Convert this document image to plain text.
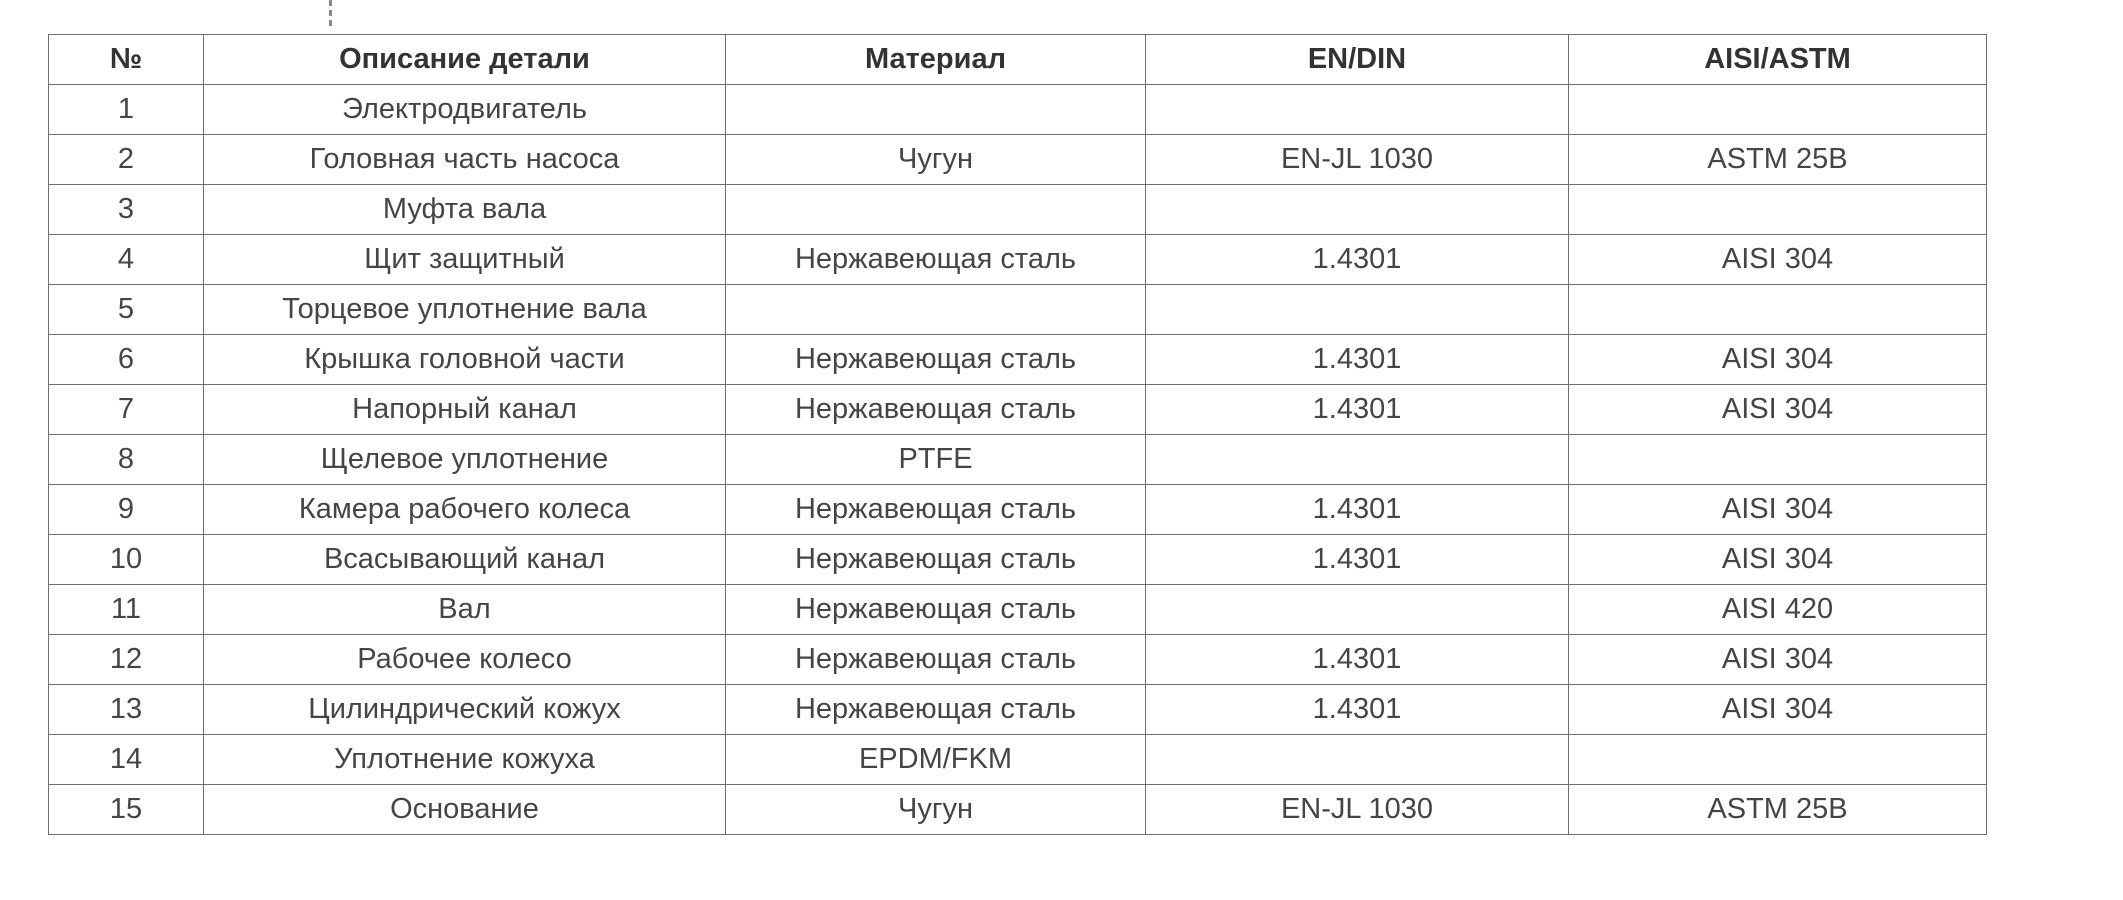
№	Описание детали	Материал	EN/DIN	AISI/ASTM
1	Электродвигатель			
2	Головная часть насоса	Чугун	EN-JL 1030	ASTM 25B
3	Муфта вала			
4	Щит защитный	Нержавеющая сталь	1.4301	AISI 304
5	Торцевое уплотнение вала			
6	Крышка головной части	Нержавеющая сталь	1.4301	AISI 304
7	Напорный канал	Нержавеющая сталь	1.4301	AISI 304
8	Щелевое уплотнение	PTFE		
9	Камера рабочего колеса	Нержавеющая сталь	1.4301	AISI 304
10	Всасывающий канал	Нержавеющая сталь	1.4301	AISI 304
11	Вал	Нержавеющая сталь		AISI 420
12	Рабочее колесо	Нержавеющая сталь	1.4301	AISI 304
13	Цилиндрический кожух	Нержавеющая сталь	1.4301	AISI 304
14	Уплотнение кожуха	EPDM/FKM		
15	Основание	Чугун	EN-JL 1030	ASTM 25B
